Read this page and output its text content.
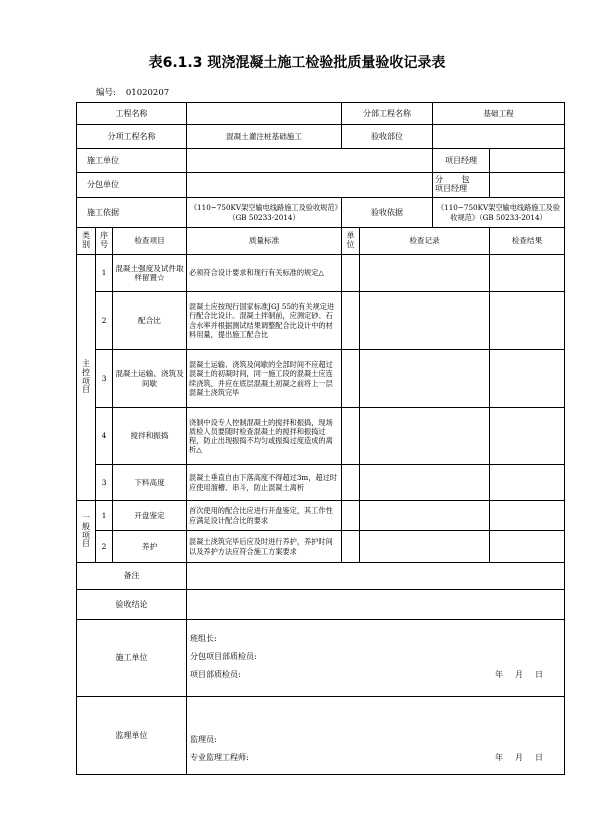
表6.1.3 现浇混凝土施工检验批质量验收记录表
编号: 01020207
工程名称				分部工程名称		基础工程	
分项工程名称			混凝土灌注桩基础施工	验收部位			
施工单位						项目经理	
分包单位						分 包
项目经理	

施工依据			《110~750KV架空输电线路施工及验收规范》（GB 50233-2014）	验收依据		《110~750KV架空输电线路施工及验收规范》（GB 50233-2014）	

类别	序号	检查项目	质量标准	单位	检查记录		检查结果

主控项目	1	混凝土强度及试件取样留置☆	必须符合设计要求和现行有关标准的规定△				
	2	配合比	混凝土应按现行国家标准JGJ 55的有关规定进行配合比设计。混凝土拌制前，应测定砂、石含水率并根据测试结果调整配合比设计中的材料用量，提出施工配合比				
	3	混凝土运输、浇筑及间歇	混凝土运输、浇筑及间歇的全部时间不应超过混凝土的初凝时间，同一施工段的混凝土应连续浇筑，并应在底层混凝土初凝之前将上一层混凝土浇筑完毕				
	4	搅拌和振捣	浇制中设专人控制混凝土的搅拌和振捣，现场质检人员要随时检查混凝土的搅拌和振捣过程，防止出现振捣不均匀或振捣过度造成的离析△				
	3	下料高度	混凝土垂直自由下落高度不得超过3m，超过时应使用溜槽、串斗，防止混凝土离析				

一般项目	1	开盘鉴定	首次使用的配合比应进行开盘鉴定，其工作性应满足设计配合比的要求				
	2	养护	混凝土浇筑完毕后应及时进行养护，养护时间以及养护方法应符合施工方案要求				
备注							
验收结论							
施工单位			班组长:
分包项目部质检员:
项目部质检员: 年 月 日				

监理单位			监理员:
专业监理工程师: 年 月 日				
